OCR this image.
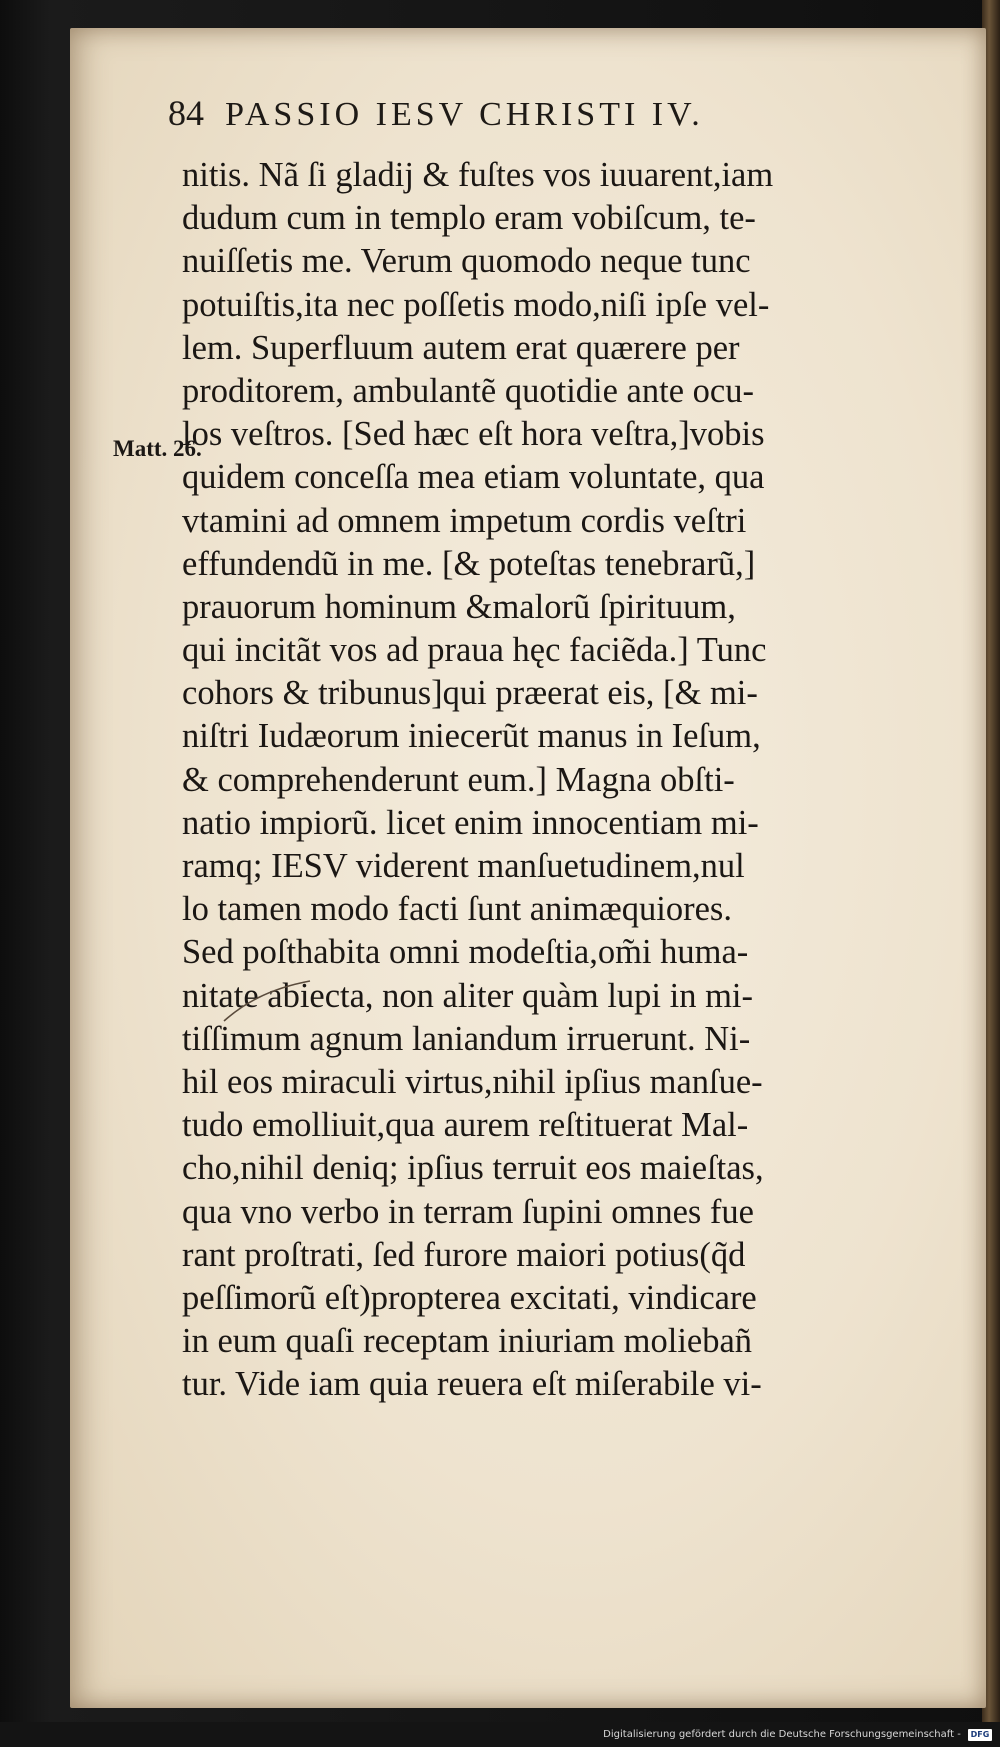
84 PASSIO IESV CHRISTI IV.
Matt. 26.
nitis. Nã ſi gladij & fuſtes vos iuuarent,iam
dudum cum in templo eram vobiſcum, te-
nuiſſetis me. Verum quomodo neque tunc
potuiſtis,ita nec poſſetis modo,niſi ipſe vel-
lem. Superfluum autem erat quærere per
proditorem, ambulantẽ quotidie ante ocu-
los veſtros. [Sed hæc eſt hora veſtra,]vobis
quidem conceſſa mea etiam voluntate, qua
vtamini ad omnem impetum cordis veſtri
effundendũ in me. [& poteſtas tenebrarũ,]
prauorum hominum &malorũ ſpirituum,
qui incitãt vos ad praua hęc faciẽda.] Tunc
cohors & tribunus]qui præerat eis, [& mi-
niſtri Iudæorum iniecerũt manus in Ieſum,
& comprehenderunt eum.] Magna obſti-
natio impiorũ. licet enim innocentiam mi-
ramq; IESV viderent manſuetudinem,nul
lo tamen modo facti ſunt animæquiores.
Sed poſthabita omni modeſtia,om̃i huma-
nitate abiecta, non aliter quàm lupi in mi-
tiſſimum agnum laniandum irruerunt. Ni-
hil eos miraculi virtus,nihil ipſius manſue-
tudo emolliuit,qua aurem reſtituerat Mal-
cho,nihil deniq; ipſius terruit eos maieſtas,
qua vno verbo in terram ſupini omnes fue
rant proſtrati, ſed furore maiori potius(q̃d
peſſimorũ eſt)propterea excitati, vindicare
in eum quaſi receptam iniuriam moliebañ
tur. Vide iam quia reuera eſt miſerabile vi-
Digitalisierung gefördert durch die Deutsche Forschungsgemeinschaft - DFG
